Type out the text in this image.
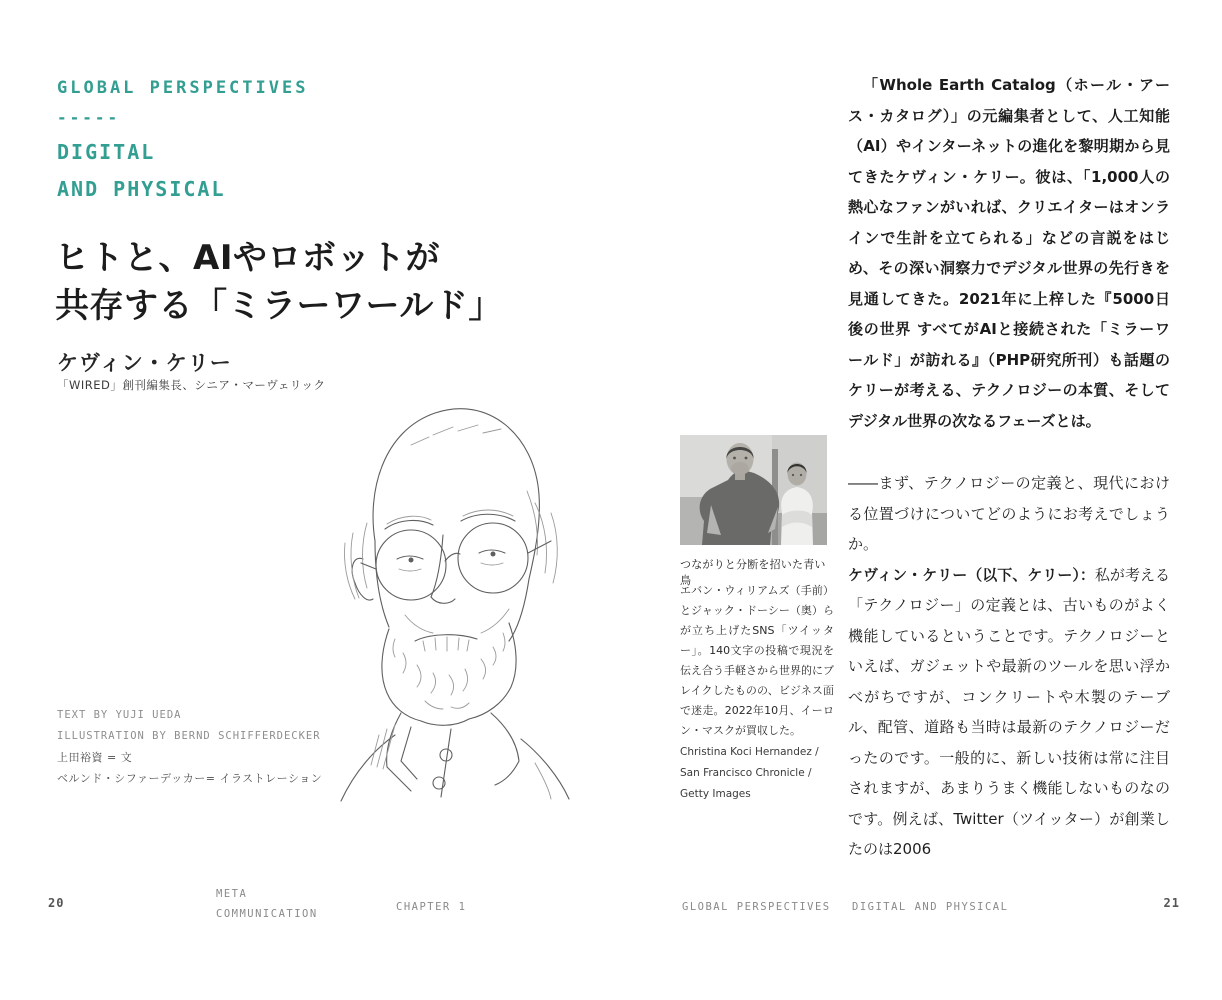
GLOBAL PERSPECTIVES
-----
DIGITAL
AND PHYSICAL
ヒトと、AIやロボットが
共存する「ミラーワールド」
ケヴィン・ケリー
「WIRED」創刊編集長、シニア・マーヴェリック
TEXT BY YUJI UEDA
ILLUSTRATION BY BERND SCHIFFERDECKER
上田裕資 = 文
ベルンド・シファーデッカー= イラストレーション
20
META
COMMUNICATION
CHAPTER 1
つながりと分断を招いた青い鳥
エバン・ウィリアムズ（手前）とジャック・ドーシー（奥）らが立ち上げたSNS「ツイッター」。140文字の投稿で現況を伝え合う手軽さから世界的にブレイクしたものの、ビジネス面で迷走。2022年10月、イーロン・マスクが買収した。
Christina Koci Hernandez / San Francisco Chronicle / Getty Images

「Whole Earth Catalog（ホール・アース・カタログ）」の元編集者として、人工知能（AI）やインターネットの進化を黎明期から見てきたケヴィン・ケリー。彼は、「1,000人の熱心なファンがいれば、クリエイターはオンラインで生計を立てられる」などの言説をはじめ、その深い洞察力でデジタル世界の先行きを見通してきた。2021年に上梓した『5000日後の世界 すべてがAIと接続された「ミラーワールド」が訪れる』（PHP研究所刊）も話題のケリーが考える、テクノロジーの本質、そしてデジタル世界の次なるフェーズとは。

――まず、テクノロジーの定義と、現代における位置づけについてどのようにお考えでしょうか。

ケヴィン・ケリー（以下、ケリー）：私が考える「テクノロジー」の定義とは、古いものがよく機能しているということです。テクノロジーといえば、ガジェットや最新のツールを思い浮かべがちですが、コンクリートや木製のテーブル、配管、道路も当時は最新のテクノロジーだったのです。一般的に、新しい技術は常に注目されますが、あまりうまく機能しないものなのです。例えば、Twitter（ツイッター）が創業したのは2006

GLOBAL PERSPECTIVES DIGITAL AND PHYSICAL	21
